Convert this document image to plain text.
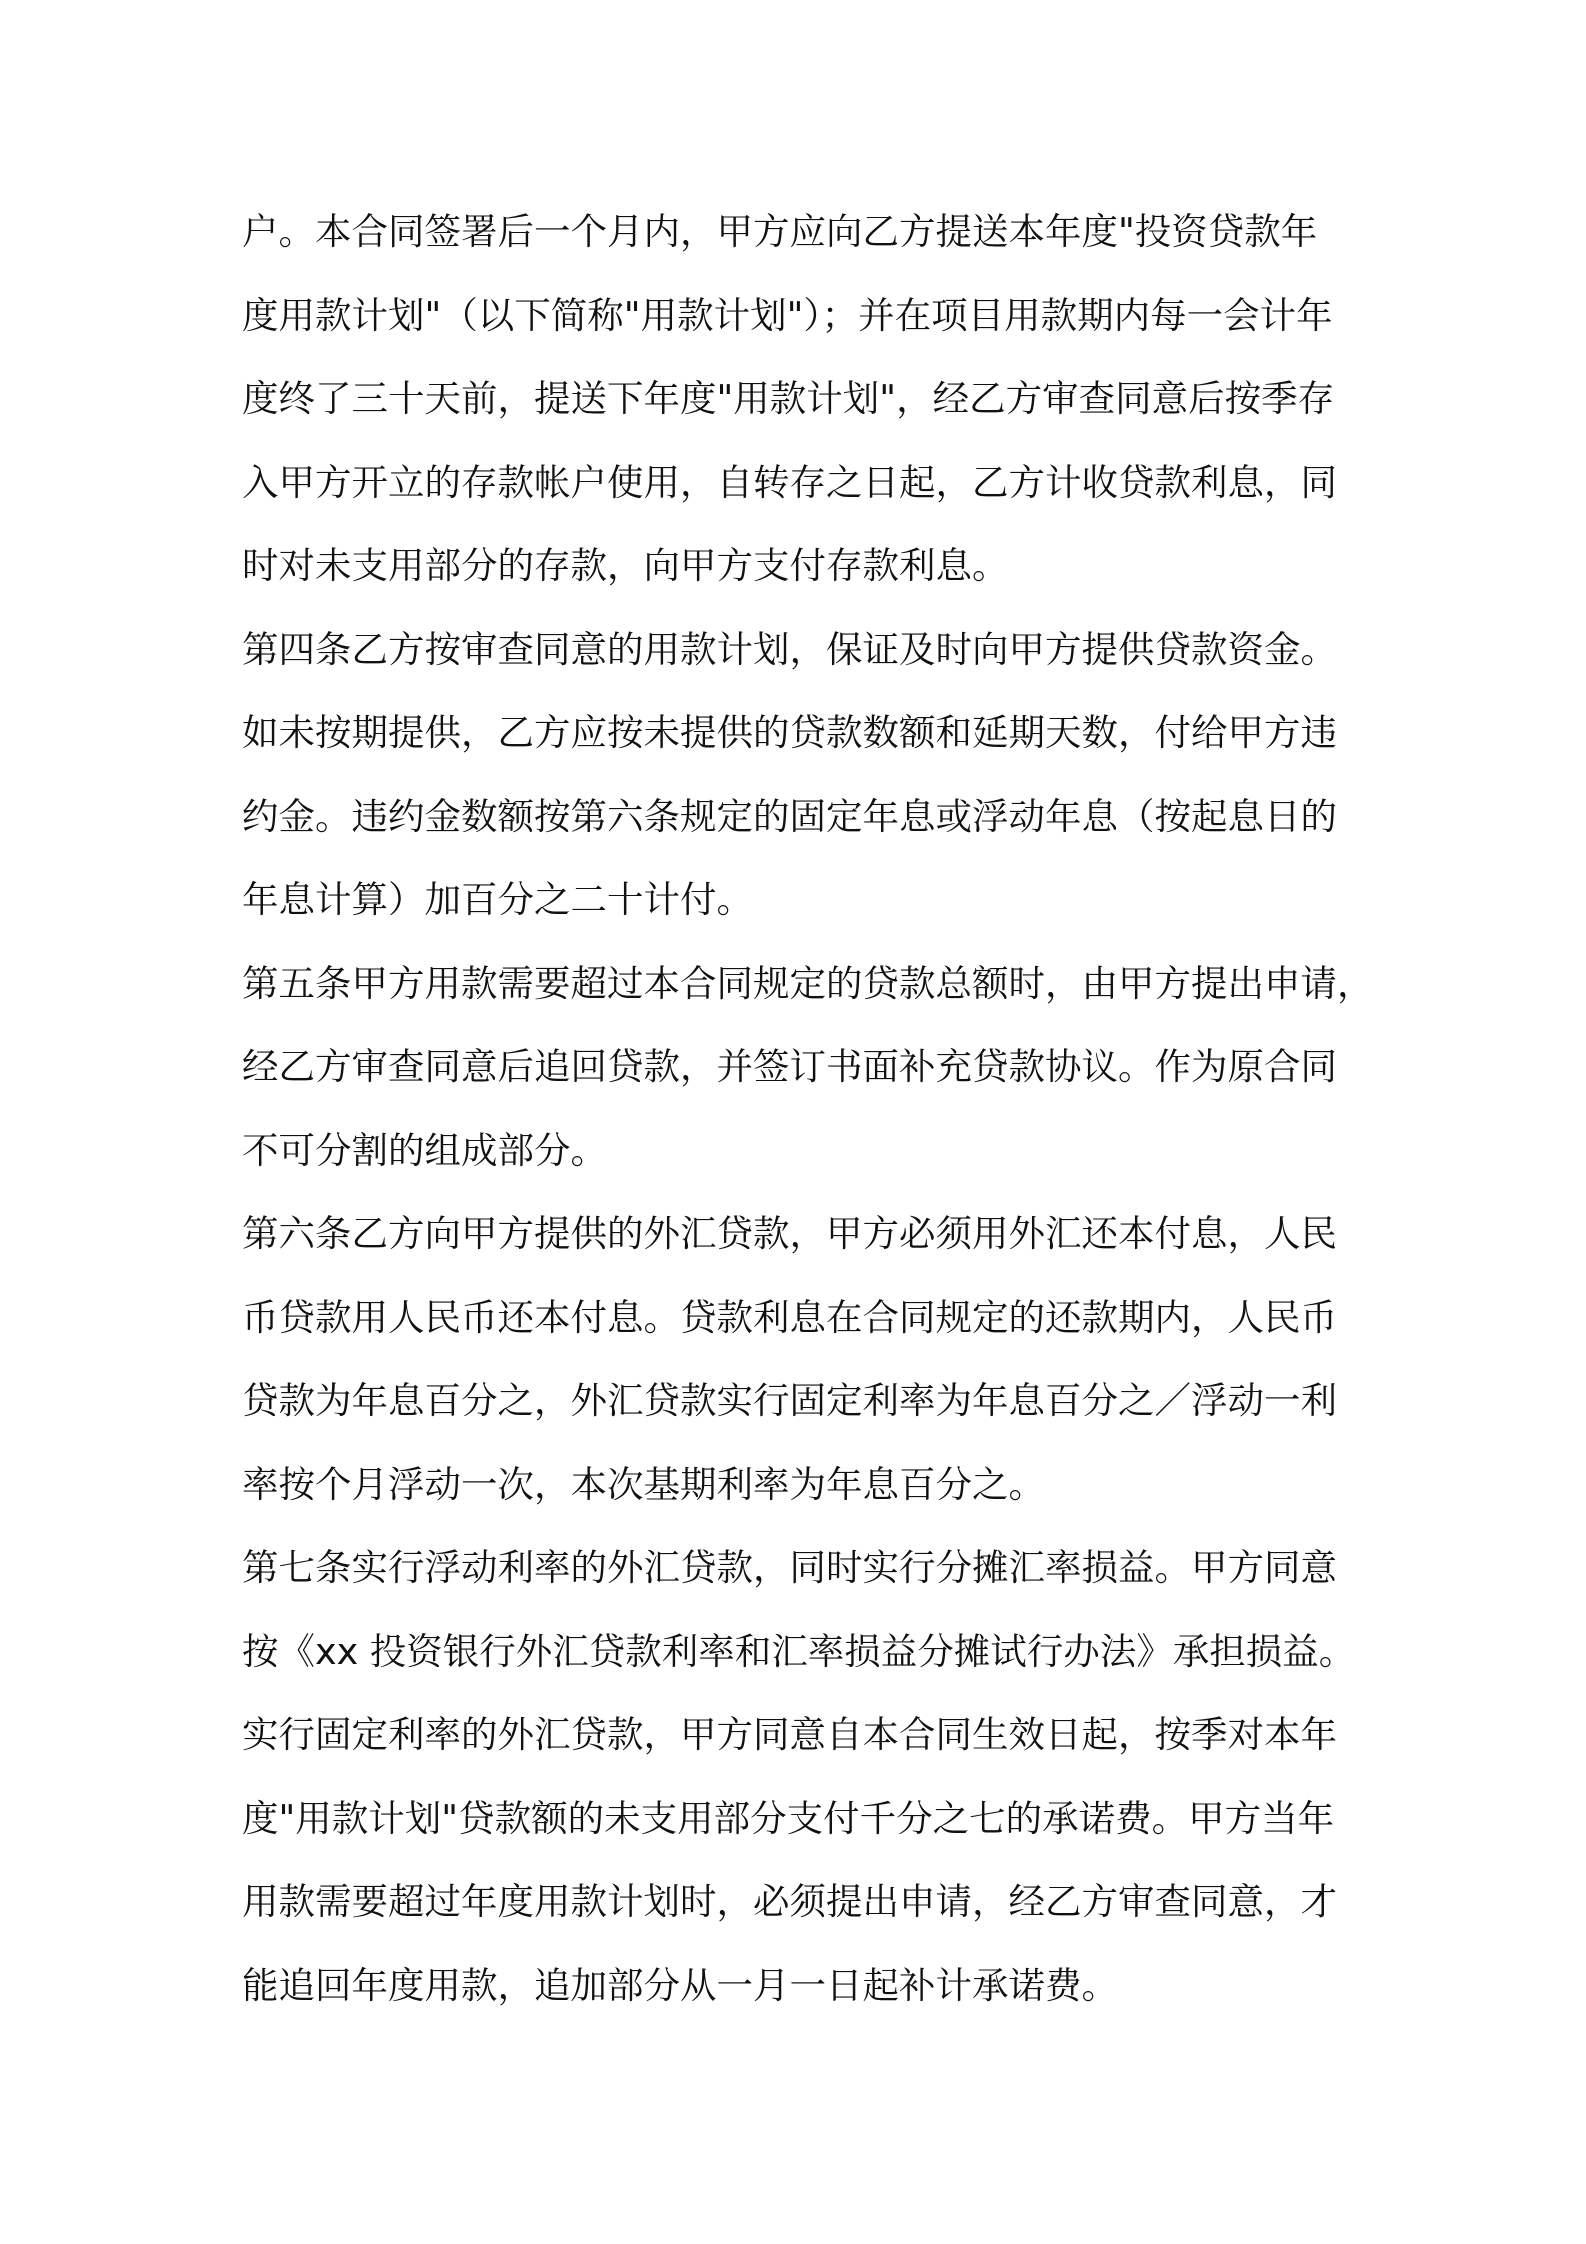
户。本合同签署后一个月内，甲方应向乙方提送本年度"投资贷款年
度用款计划"（以下简称"用款计划"）；并在项目用款期内每一会计年
度终了三十天前，提送下年度"用款计划"，经乙方审查同意后按季存
入甲方开立的存款帐户使用，自转存之日起，乙方计收贷款利息，同
时对未支用部分的存款，向甲方支付存款利息。
第四条乙方按审查同意的用款计划，保证及时向甲方提供贷款资金。
如未按期提供，乙方应按未提供的贷款数额和延期天数，付给甲方违
约金。违约金数额按第六条规定的固定年息或浮动年息（按起息日的
年息计算）加百分之二十计付。
第五条甲方用款需要超过本合同规定的贷款总额时，由甲方提出申请，
经乙方审查同意后追回贷款，并签订书面补充贷款协议。作为原合同
不可分割的组成部分。
第六条乙方向甲方提供的外汇贷款，甲方必须用外汇还本付息，人民
币贷款用人民币还本付息。贷款利息在合同规定的还款期内，人民币
贷款为年息百分之，外汇贷款实行固定利率为年息百分之／浮动一利
率按个月浮动一次，本次基期利率为年息百分之。
第七条实行浮动利率的外汇贷款，同时实行分摊汇率损益。甲方同意
按《xx 投资银行外汇贷款利率和汇率损益分摊试行办法》承担损益。
实行固定利率的外汇贷款，甲方同意自本合同生效日起，按季对本年
度"用款计划"贷款额的未支用部分支付千分之七的承诺费。甲方当年
用款需要超过年度用款计划时，必须提出申请，经乙方审查同意，才
能追回年度用款，追加部分从一月一日起补计承诺费。
